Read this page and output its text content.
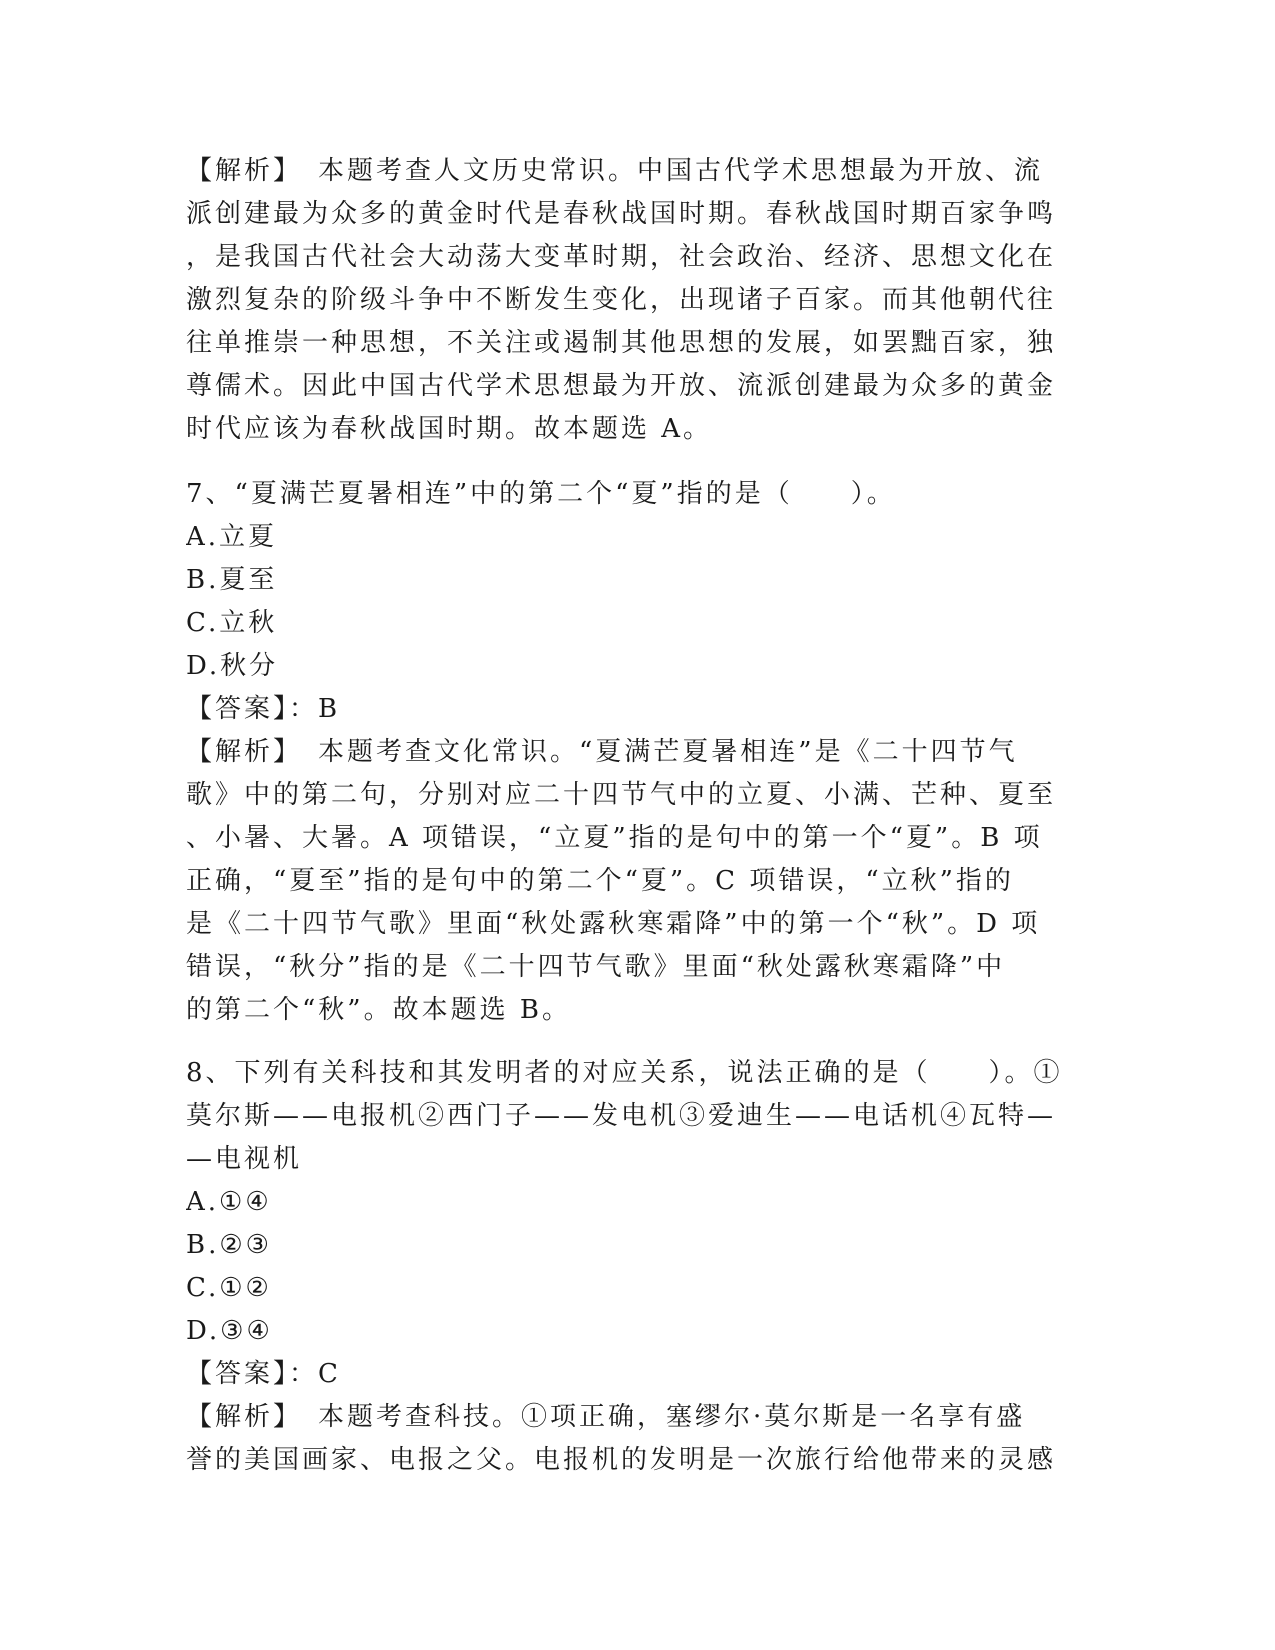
【解析】　本题考查人文历史常识。中国古代学术思想最为开放、流
派创建最为众多的黄金时代是春秋战国时期。春秋战国时期百家争鸣
，是我国古代社会大动荡大变革时期，社会政治、经济、思想文化在
激烈复杂的阶级斗争中不断发生变化，出现诸子百家。而其他朝代往
往单推崇一种思想，不关注或遏制其他思想的发展，如罢黜百家，独
尊儒术。因此中国古代学术思想最为开放、流派创建最为众多的黄金
时代应该为春秋战国时期。故本题选 A。
7、“夏满芒夏暑相连”中的第二个“夏”指的是（　　）。
A.立夏
B.夏至
C.立秋
D.秋分
【答案】：B
【解析】　本题考查文化常识。“夏满芒夏暑相连”是《二十四节气
歌》中的第二句，分别对应二十四节气中的立夏、小满、芒种、夏至
、小暑、大暑。A 项错误，“立夏”指的是句中的第一个“夏”。B 项
正确，“夏至”指的是句中的第二个“夏”。C 项错误，“立秋”指的
是《二十四节气歌》里面“秋处露秋寒霜降”中的第一个“秋”。D 项
错误，“秋分”指的是《二十四节气歌》里面“秋处露秋寒霜降”中
的第二个“秋”。故本题选 B。
8、下列有关科技和其发明者的对应关系，说法正确的是（　　）。①
莫尔斯——电报机②西门子——发电机③爱迪生——电话机④瓦特—
—电视机
A.①④
B.②③
C.①②
D.③④
【答案】：C
【解析】　本题考查科技。①项正确，塞缪尔·莫尔斯是一名享有盛
誉的美国画家、电报之父。电报机的发明是一次旅行给他带来的灵感
